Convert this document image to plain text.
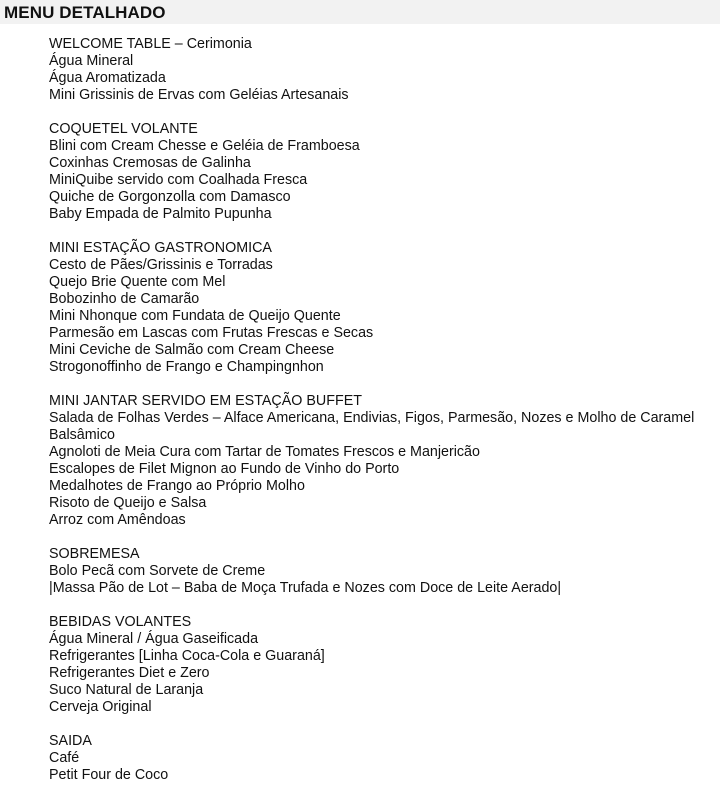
MENU DETALHADO
WELCOME TABLE – Cerimonia
Água Mineral
Água Aromatizada
Mini Grissinis de Ervas com Geléias Artesanais
COQUETEL VOLANTE
Blini com Cream Chesse e Geléia de Framboesa
Coxinhas Cremosas de Galinha
MiniQuibe servido com Coalhada Fresca
Quiche de Gorgonzolla com Damasco
Baby Empada de Palmito Pupunha
MINI ESTAÇÃO GASTRONOMICA
Cesto de Pães/Grissinis e Torradas
Quejo Brie Quente com Mel
Bobozinho de Camarão
Mini Nhonque com Fundata de Queijo Quente
Parmesão em Lascas com Frutas Frescas e Secas
Mini Ceviche de Salmão com Cream Cheese
Strogonoffinho de Frango e Champingnhon
MINI JANTAR SERVIDO EM ESTAÇÃO BUFFET
Salada de Folhas Verdes – Alface Americana, Endivias, Figos, Parmesão, Nozes e Molho de Caramel
Balsâmico
Agnoloti de Meia Cura com Tartar de Tomates Frescos e Manjericão
Escalopes de Filet Mignon ao Fundo de Vinho do Porto
Medalhotes de Frango ao Próprio Molho
Risoto de Queijo e Salsa
Arroz com Amêndoas
SOBREMESA
Bolo Pecã com Sorvete de Creme
|Massa Pão de Lot – Baba de Moça Trufada e Nozes com Doce de Leite Aerado|
BEBIDAS VOLANTES
Água Mineral / Água Gaseificada
Refrigerantes [Linha Coca-Cola e Guaraná]
Refrigerantes Diet e Zero
Suco Natural de Laranja
Cerveja Original
SAIDA
Café
Petit Four de Coco
